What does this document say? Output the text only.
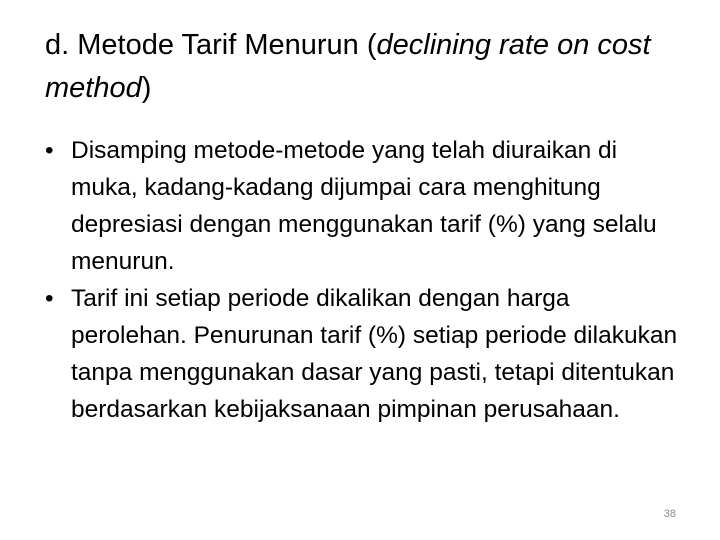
d. Metode Tarif Menurun (declining rate on cost method)
• Disamping metode-metode yang telah diuraikan di muka, kadang-kadang dijumpai cara menghitung depresiasi dengan menggunakan tarif (%) yang selalu menurun.
• Tarif ini setiap periode dikalikan dengan harga perolehan. Penurunan tarif (%) setiap periode dilakukan tanpa menggunakan dasar yang pasti, tetapi ditentukan berdasarkan kebijaksanaan pimpinan perusahaan.
38
